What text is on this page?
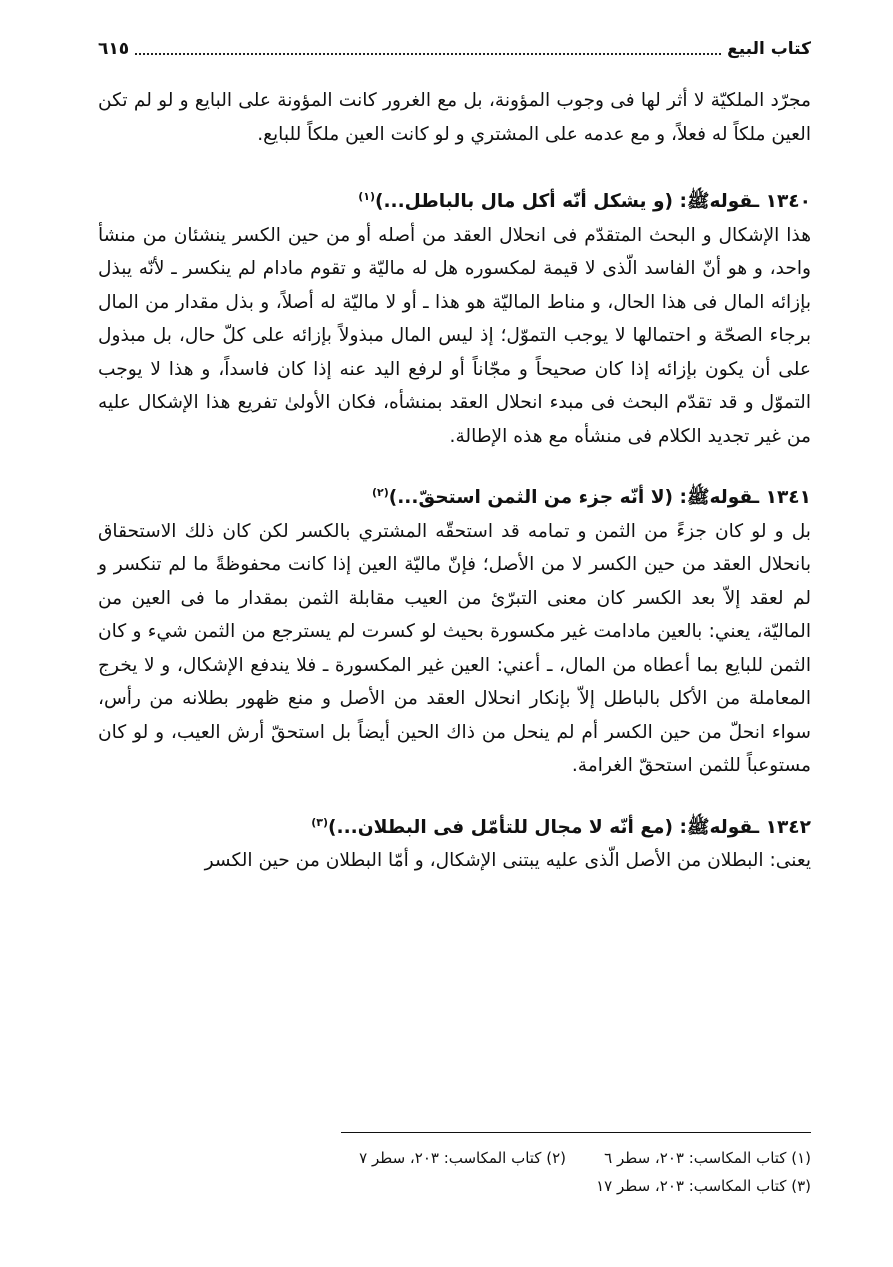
كتاب البيع
٦١٥

مجرّد الملكيّة لا أثر لها فى وجوب المؤونة، بل مع الغرور كانت المؤونة على البايع و لو لم تكن العين ملكاً له فعلاً، و مع عدمه على المشتري و لو كانت العين ملكاً للبايع.

١٣٤٠ ـقولهﷺ: (و يشكل أنّه أكل مال بالباطل...)$^{(١)}$

هذا الإشكال و البحث المتقدّم فى انحلال العقد من أصله أو من حين الكسر ينشئان من منشأ واحد، و هو أنّ الفاسد الّذى لا قيمة لمكسوره هل له ماليّة و تقوم مادام لم ينكسر ـ لأنّه يبذل بإزائه المال فى هذا الحال، و مناط الماليّة هو هذا ـ أو لا ماليّة له أصلاً، و بذل مقدار من المال برجاء الصحّة و احتمالها لا يوجب التموّل؛ إذ ليس المال مبذولاً بإزائه على كلّ حال، بل مبذول على أن يكون بإزائه إذا كان صحيحاً و مجّاناً أو لرفع اليد عنه إذا كان فاسداً، و هذا لا يوجب التموّل و قد تقدّم البحث فى مبدء انحلال العقد بمنشأه، فكان الأولىٰ تفريع هذا الإشكال عليه من غير تجديد الكلام فى منشأه مع هذه الإطالة.

١٣٤١ ـقولهﷺ: (لا أنّه جزء من الثمن استحقّ...)$^{(٢)}$

بل و لو كان جزءً من الثمن و تمامه قد استحقّه المشتري بالكسر لكن كان ذلك الاستحقاق بانحلال العقد من حين الكسر لا من الأصل؛ فإنّ ماليّة العين إذا كانت محفوظةً ما لم تنكسر و لم لعقد إلاّ بعد الكسر كان معنى التبرّئ من العيب مقابلة الثمن بمقدار ما فى العين من الماليّة، يعني: بالعين مادامت غير مكسورة بحيث لو كسرت لم يسترجع من الثمن شيء و كان الثمن للبايع بما أعطاه من المال، ـ أعني: العين غير المكسورة ـ فلا يندفع الإشكال، و لا يخرج المعاملة من الأكل بالباطل إلاّ بإنكار انحلال العقد من الأصل و منع ظهور بطلانه من رأس، سواء انحلّ من حين الكسر أم لم ينحل من ذاك الحين أيضاً بل استحقّ أرش العيب، و لو كان مستوعباً للثمن استحقّ الغرامة.

١٣٤٢ ـقولهﷺ: (مع أنّه لا مجال للتأمّل فى البطلان...)$^{(٣)}$

يعنى: البطلان من الأصل الّذى عليه يبتنى الإشكال، و أمّا البطلان من حين الكسر

(١) كتاب المكاسب: ٢٠٣، سطر ٦
(٢) كتاب المكاسب: ٢٠٣، سطر ٧
(٣) كتاب المكاسب: ٢٠٣، سطر ١٧
